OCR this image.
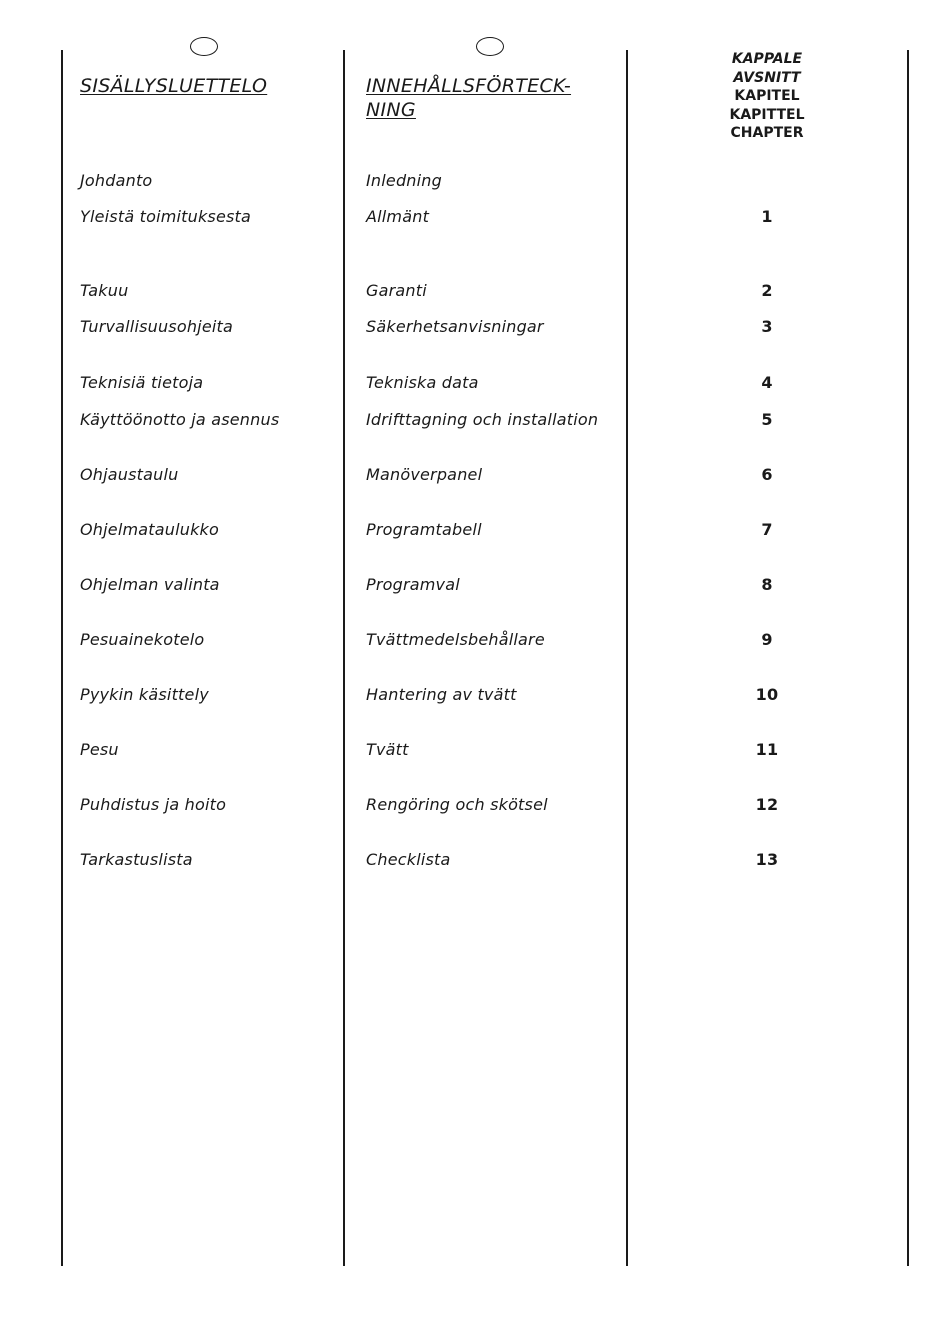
SISÄLLYSLUETTELO	INNEHÅLLSFÖRTECK-
NING
KAPPALE
AVSNITT
KAPITEL
KAPITTEL
CHAPTER
Johdanto	Inledning
Yleistä toimituksesta	Allmänt	1
Takuu	Garanti	2
Turvallisuusohjeita	Säkerhetsanvisningar	3
Teknisiä tietoja	Tekniska data	4
Käyttöönotto ja asennus	Idrifttagning och installation	5
Ohjaustaulu	Manöverpanel	6
Ohjelmataulukko	Programtabell	7
Ohjelman valinta	Programval	8
Pesuainekotelo	Tvättmedelsbehållare	9
Pyykin käsittely	Hantering av tvätt	10
Pesu	Tvätt	11
Puhdistus ja hoito	Rengöring och skötsel	12
Tarkastuslista	Checklista	13
